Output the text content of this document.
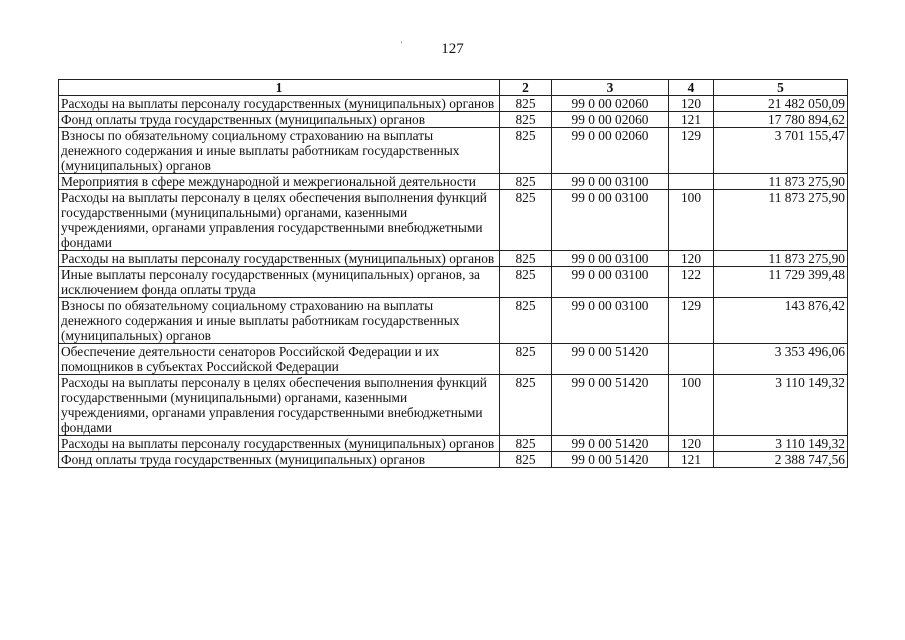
127
'
1	2	3	4	5
Расходы на выплаты персоналу государственных (муниципальных) органов	825	99 0 00 02060	120	21 482 050,09
Фонд оплаты труда государственных (муниципальных) органов	825	99 0 00 02060	121	17 780 894,62
Взносы по обязательному социальному страхованию на выплаты денежного содержания и иные выплаты работникам государственных (муниципальных) органов	825	99 0 00 02060	129	3 701 155,47
Мероприятия в сфере международной и межрегиональной деятельности	825	99 0 00 03100		11 873 275,90
Расходы на выплаты персоналу в целях обеспечения выполнения функций государственными (муниципальными) органами, казенными учреждениями, органами управления государственными внебюджетными фондами	825	99 0 00 03100	100	11 873 275,90
Расходы на выплаты персоналу государственных (муниципальных) органов	825	99 0 00 03100	120	11 873 275,90
Иные выплаты персоналу государственных (муниципальных) органов, за исключением фонда оплаты труда	825	99 0 00 03100	122	11 729 399,48
Взносы по обязательному социальному страхованию на выплаты денежного содержания и иные выплаты работникам государственных (муниципальных) органов	825	99 0 00 03100	129	143 876,42
Обеспечение деятельности сенаторов Российской Федерации и их помощников в субъектах Российской Федерации	825	99 0 00 51420		3 353 496,06
Расходы на выплаты персоналу в целях обеспечения выполнения функций государственными (муниципальными) органами, казенными учреждениями, органами управления государственными внебюджетными фондами	825	99 0 00 51420	100	3 110 149,32
Расходы на выплаты персоналу государственных (муниципальных) органов	825	99 0 00 51420	120	3 110 149,32
Фонд оплаты труда государственных (муниципальных) органов	825	99 0 00 51420	121	2 388 747,56
